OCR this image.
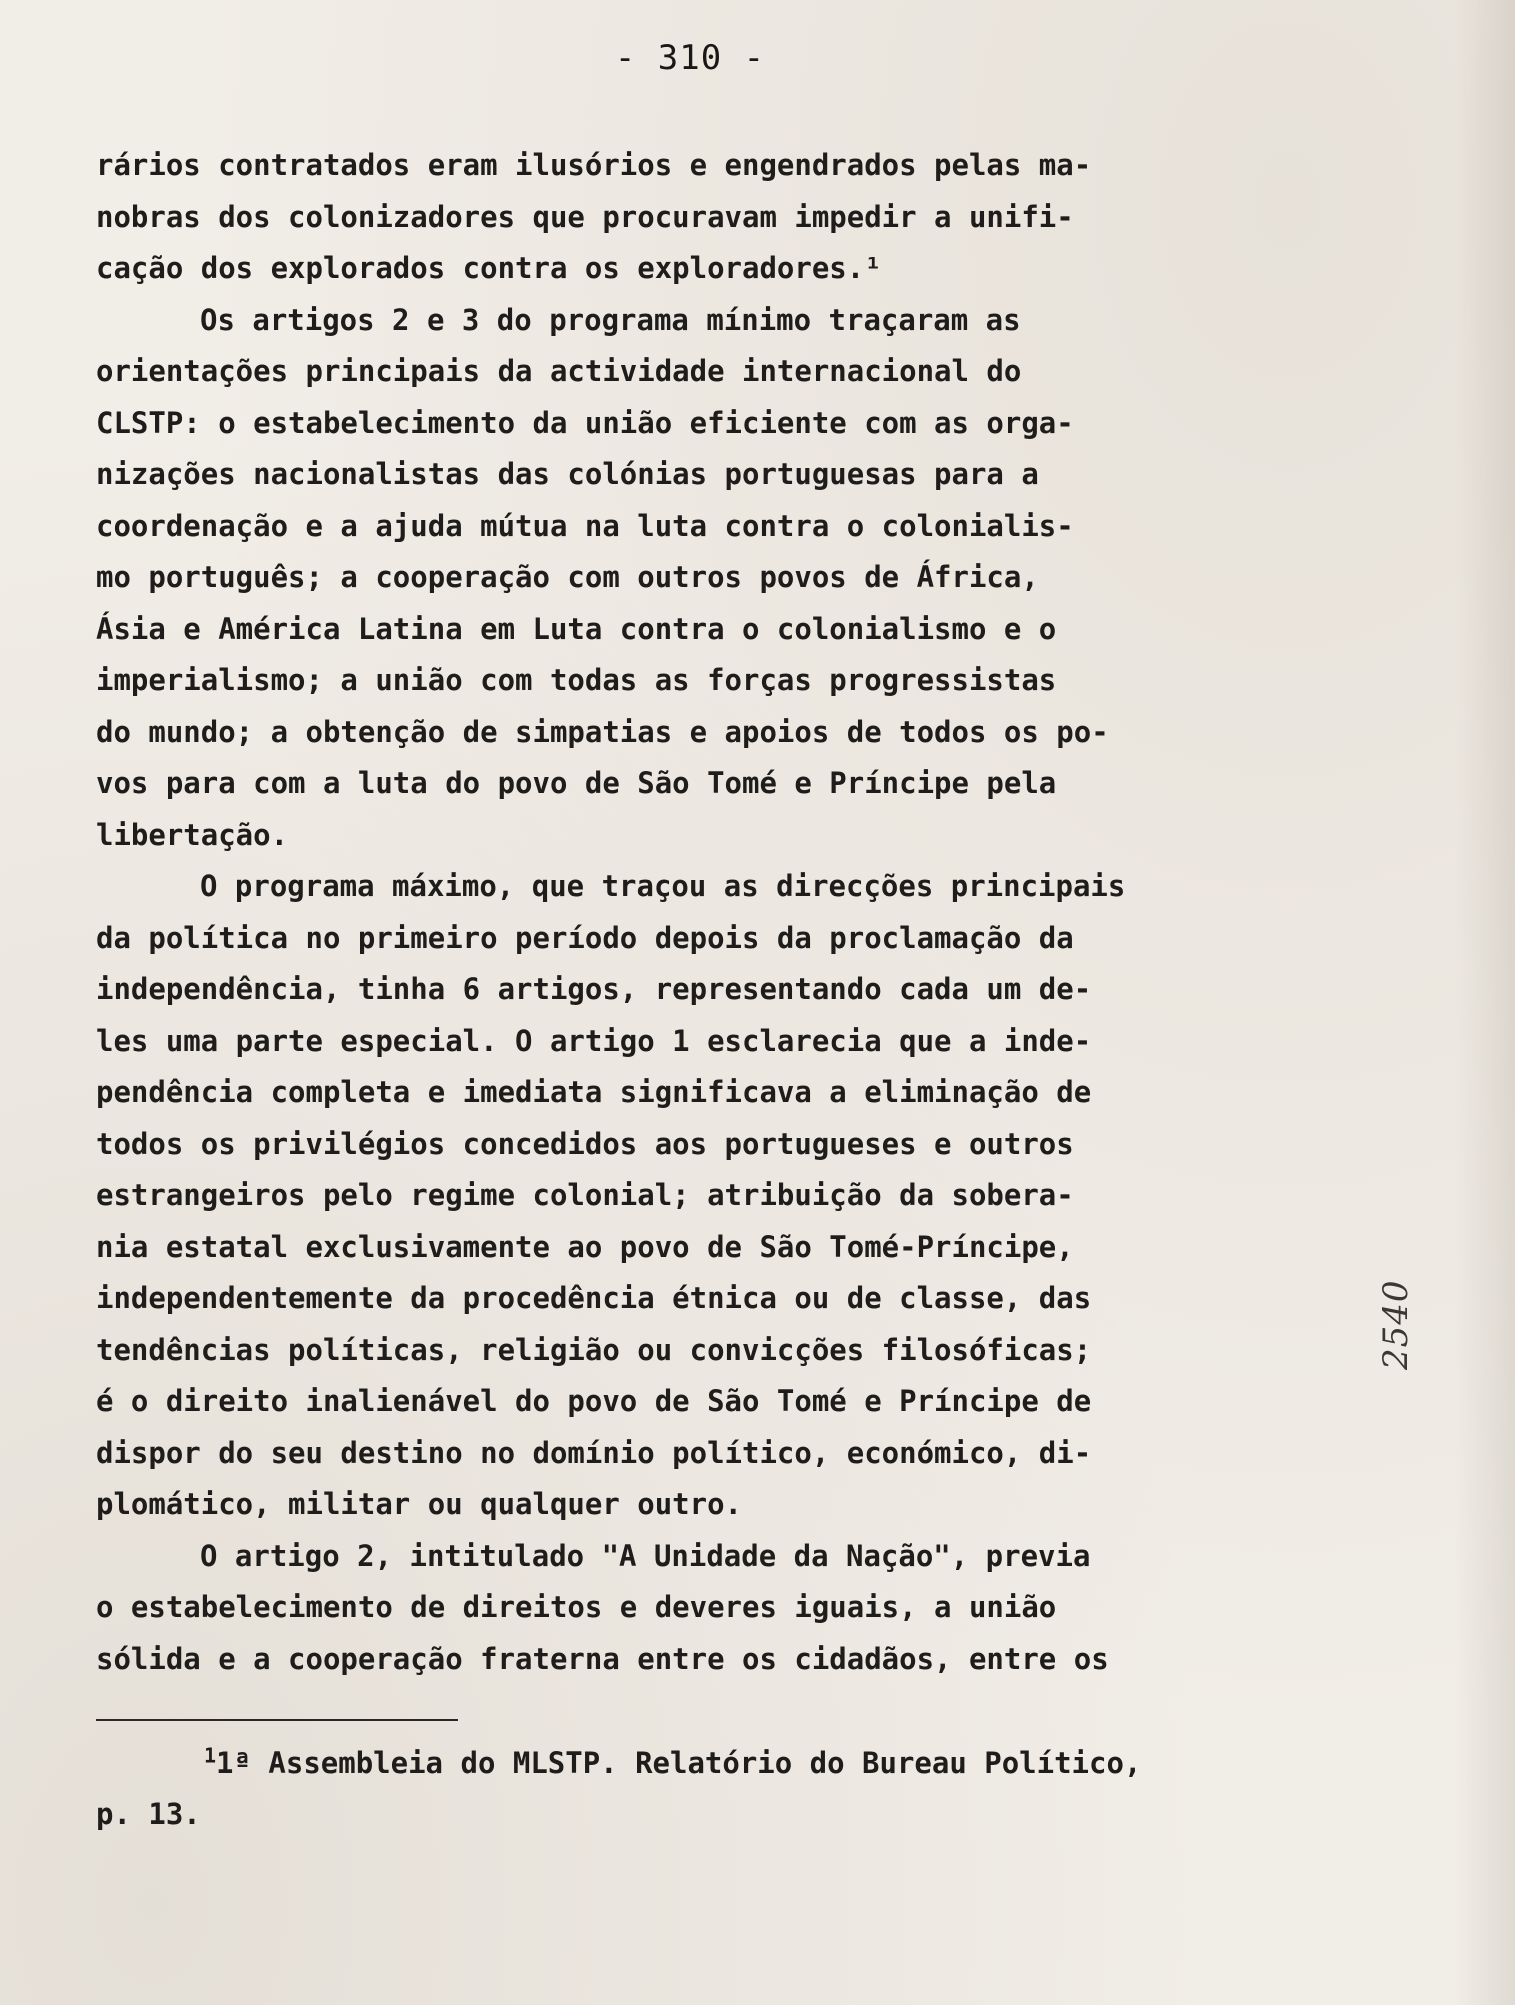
- 310 -
rários contratados eram ilusórios e engendrados pelas ma-
nobras dos colonizadores que procuravam impedir a unifi-
cação dos explorados contra os exploradores.¹
Os artigos 2 e 3 do programa mínimo traçaram as
orientações principais da actividade internacional do
CLSTP: o estabelecimento da união eficiente com as orga-
nizações nacionalistas das colónias portuguesas para a
coordenação e a ajuda mútua na luta contra o colonialis-
mo português; a cooperação com outros povos de África,
Ásia e América Latina em Luta contra o colonialismo e o
imperialismo; a união com todas as forças progressistas
do mundo; a obtenção de simpatias e apoios de todos os po-
vos para com a luta do povo de São Tomé e Príncipe pela
libertação.
O programa máximo, que traçou as direcções principais
da política no primeiro período depois da proclamação da
independência, tinha 6 artigos, representando cada um de-
les uma parte especial. O artigo 1 esclarecia que a inde-
pendência completa e imediata significava a eliminação de
todos os privilégios concedidos aos portugueses e outros
estrangeiros pelo regime colonial; atribuição da sobera-
nia estatal exclusivamente ao povo de São Tomé-Príncipe,
independentemente da procedência étnica ou de classe, das
tendências políticas, religião ou convicções filosóficas;
é o direito inalienável do povo de São Tomé e Príncipe de
dispor do seu destino no domínio político, económico, di-
plomático, militar ou qualquer outro.
O artigo 2, intitulado "A Unidade da Nação", previa
o estabelecimento de direitos e deveres iguais, a união
sólida e a cooperação fraterna entre os cidadãos, entre os
$^1$1ª Assembleia do MLSTP. Relatório do Bureau Político,
p. 13.
2540
